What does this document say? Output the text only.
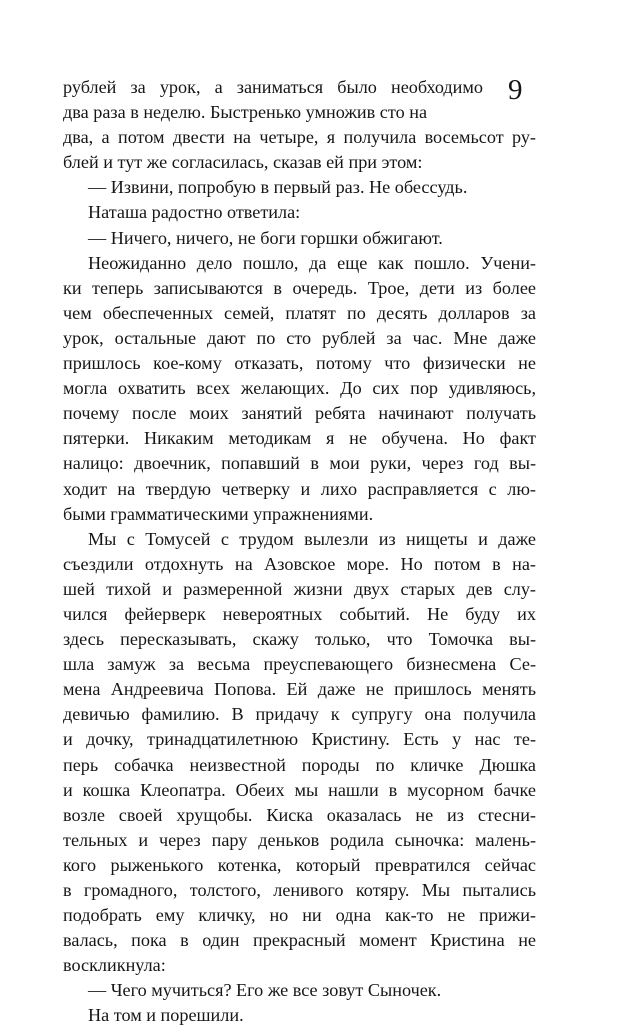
9
рублей за урок, а заниматься было необходимо
два раза в неделю. Быстренько умножив сто на
два, а потом двести на четыре, я получила восемьсот ру-
блей и тут же согласилась, сказав ей при этом:
— Извини, попробую в первый раз. Не обессудь.
Наташа радостно ответила:
— Ничего, ничего, не боги горшки обжигают.
Неожиданно дело пошло, да еще как пошло. Учени-
ки теперь записываются в очередь. Трое, дети из более
чем обеспеченных семей, платят по десять долларов за
урок, остальные дают по сто рублей за час. Мне даже
пришлось кое-кому отказать, потому что физически не
могла охватить всех желающих. До сих пор удивляюсь,
почему после моих занятий ребята начинают получать
пятерки. Никаким методикам я не обучена. Но факт
налицо: двоечник, попавший в мои руки, через год вы-
ходит на твердую четверку и лихо расправляется с лю-
быми грамматическими упражнениями.
Мы с Томусей с трудом вылезли из нищеты и даже
съездили отдохнуть на Азовское море. Но потом в на-
шей тихой и размеренной жизни двух старых дев слу-
чился фейерверк невероятных событий. Не буду их
здесь пересказывать, скажу только, что Томочка вы-
шла замуж за весьма преуспевающего бизнесмена Се-
мена Андреевича Попова. Ей даже не пришлось менять
девичью фамилию. В придачу к супругу она получила
и дочку, тринадцатилетнюю Кристину. Есть у нас те-
перь собачка неизвестной породы по кличке Дюшка
и кошка Клеопатра. Обеих мы нашли в мусорном бачке
возле своей хрущобы. Киска оказалась не из стесни-
тельных и через пару деньков родила сыночка: малень-
кого рыженького котенка, который превратился сейчас
в громадного, толстого, ленивого котяру. Мы пытались
подобрать ему кличку, но ни одна как-то не прижи-
валась, пока в один прекрасный момент Кристина не
воскликнула:
— Чего мучиться? Его же все зовут Сыночек.
На том и порешили.
